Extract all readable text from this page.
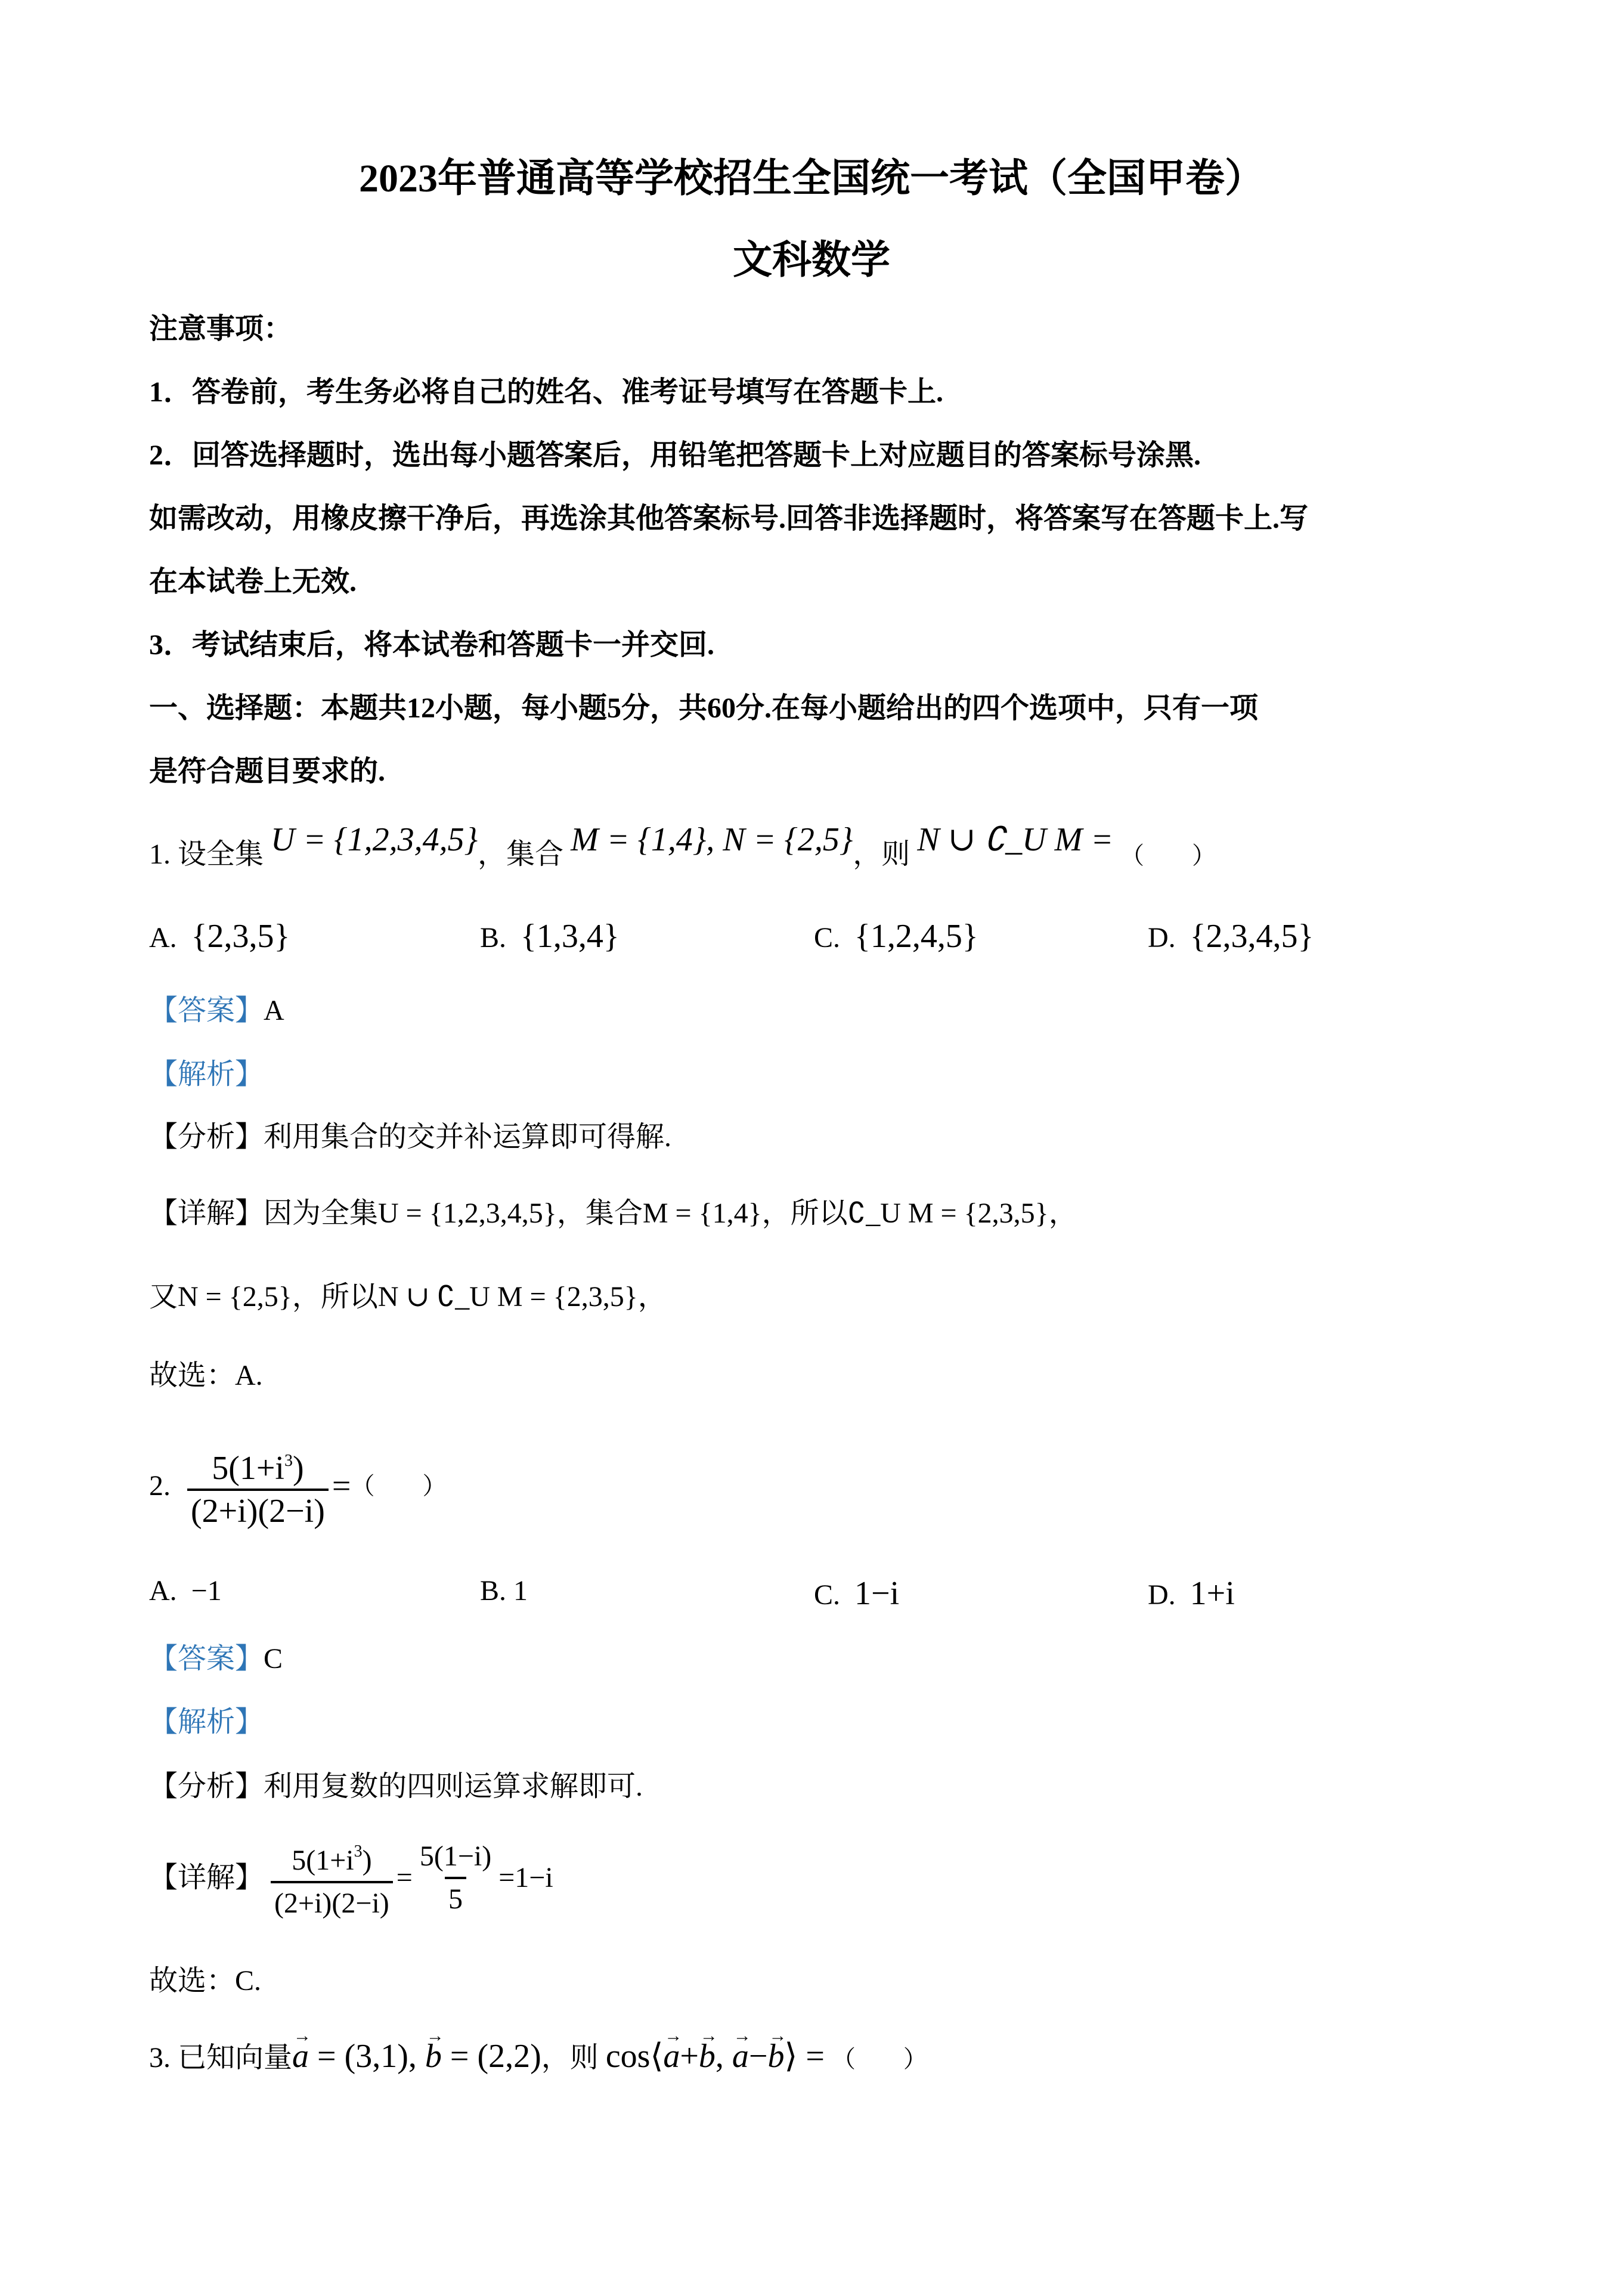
2023年普通高等学校招生全国统一考试（全国甲卷）
文科数学
注意事项：
1．答卷前，考生务必将自己的姓名、准考证号填写在答题卡上.
2．回答选择题时，选出每小题答案后，用铅笔把答题卡上对应题目的答案标号涂黑.
如需改动，用橡皮擦干净后，再选涂其他答案标号.回答非选择题时，将答案写在答题卡上.写
在本试卷上无效.
3．考试结束后，将本试卷和答题卡一并交回.
一、选择题：本题共12小题，每小题5分，共60分.在每小题给出的四个选项中，只有一项
是符合题目要求的.
1. 设全集 U = {1,2,3,4,5}，集合 M = {1,4}, N = {2,5}，则 N ∪ ∁_U M = （　　）
A. {2,3,5}	B. {1,3,4}	C. {1,2,4,5}	D. {2,3,4,5}
【答案】A
【解析】
【分析】利用集合的交并补运算即可得解.
【详解】因为全集U = {1,2,3,4,5}，集合M = {1,4}，所以∁_U M = {2,3,5}，
又N = {2,5}，所以N ∪ ∁_U M = {2,3,5}，
故选：A.
2. $\frac{5(1+i^3)}{(2+i)(2-i)}$ = （　　）
A. −1	B. 1	C. 1−i	D. 1+i
【答案】C
【解析】
【分析】利用复数的四则运算求解即可.
【详解】 $\frac{5(1+i^3)}{(2+i)(2-i)} = \frac{5(1-i)}{5} =1-i$
故选：C.
3. 已知向量→ a = (3,1), → b = (2,2)，则 cos⟨→ a+→ b, → a−→ b⟩ = （　　）
